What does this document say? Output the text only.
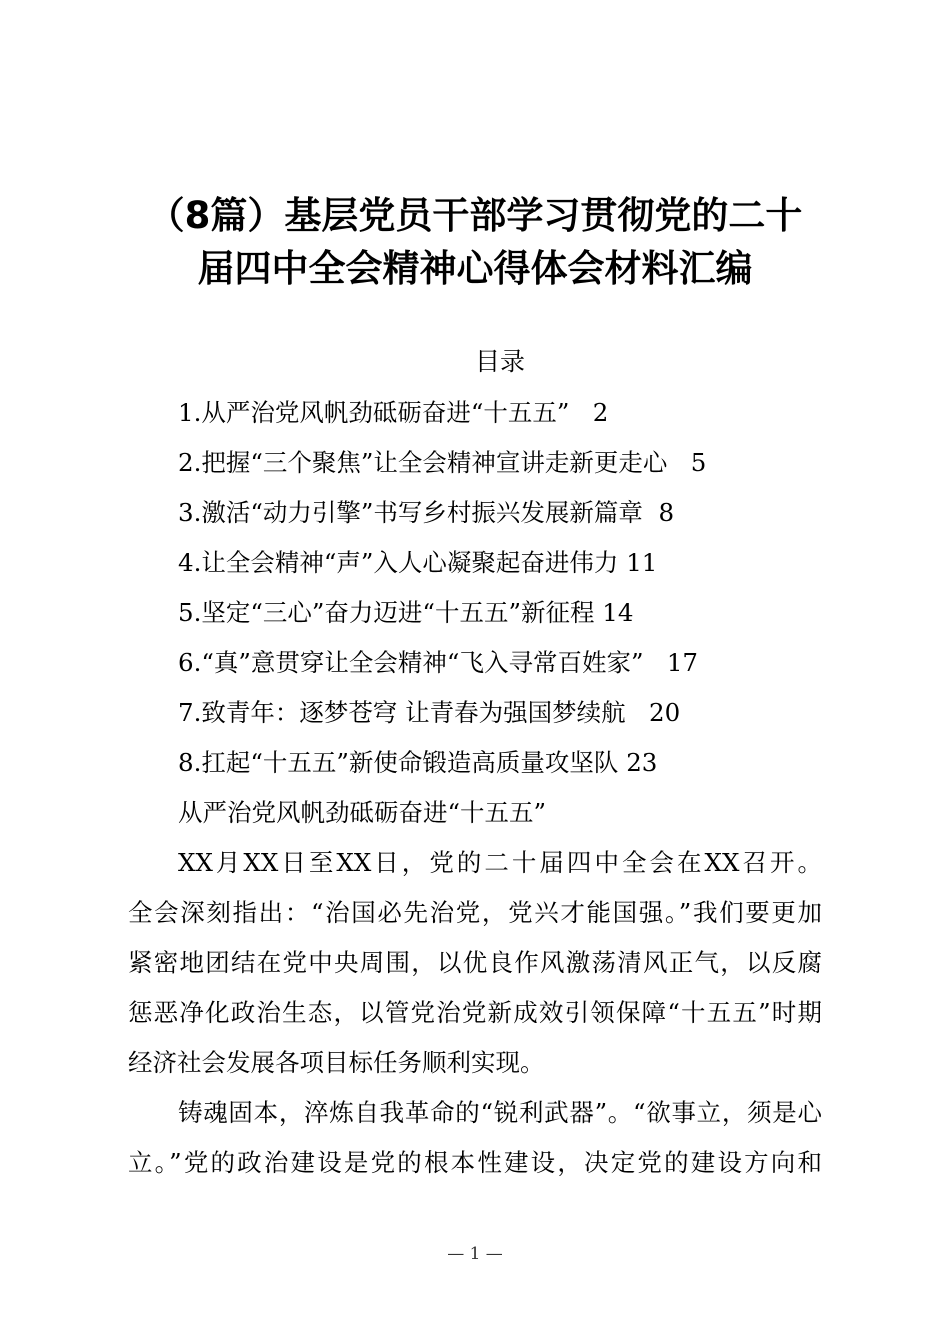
（8篇）基层党员干部学习贯彻党的二十
届四中全会精神心得体会材料汇编
目录
1.从严治党风帆劲砥砺奋进“十五五”   2
2.把握“三个聚焦”让全会精神宣讲走新更走心   5
3.激活“动力引擎”书写乡村振兴发展新篇章  8
4.让全会精神“声”入人心凝聚起奋进伟力 11
5.坚定“三心”奋力迈进“十五五”新征程 14
6.“真”意贯穿让全会精神“飞入寻常百姓家”   17
7.致青年：逐梦苍穹 让青春为强国梦续航   20
8.扛起“十五五”新使命锻造高质量攻坚队 23
从严治党风帆劲砥砺奋进“十五五”
XX月XX日至XX日，党的二十届四中全会在XX召开。
全会深刻指出：“治国必先治党，党兴才能国强。”我们要更加
紧密地团结在党中央周围，以优良作风激荡清风正气，以反腐
惩恶净化政治生态，以管党治党新成效引领保障“十五五”时期
经济社会发展各项目标任务顺利实现。
铸魂固本，淬炼自我革命的“锐利武器”。“欲事立，须是心
立。”党的政治建设是党的根本性建设，决定党的建设方向和
— 1 —
